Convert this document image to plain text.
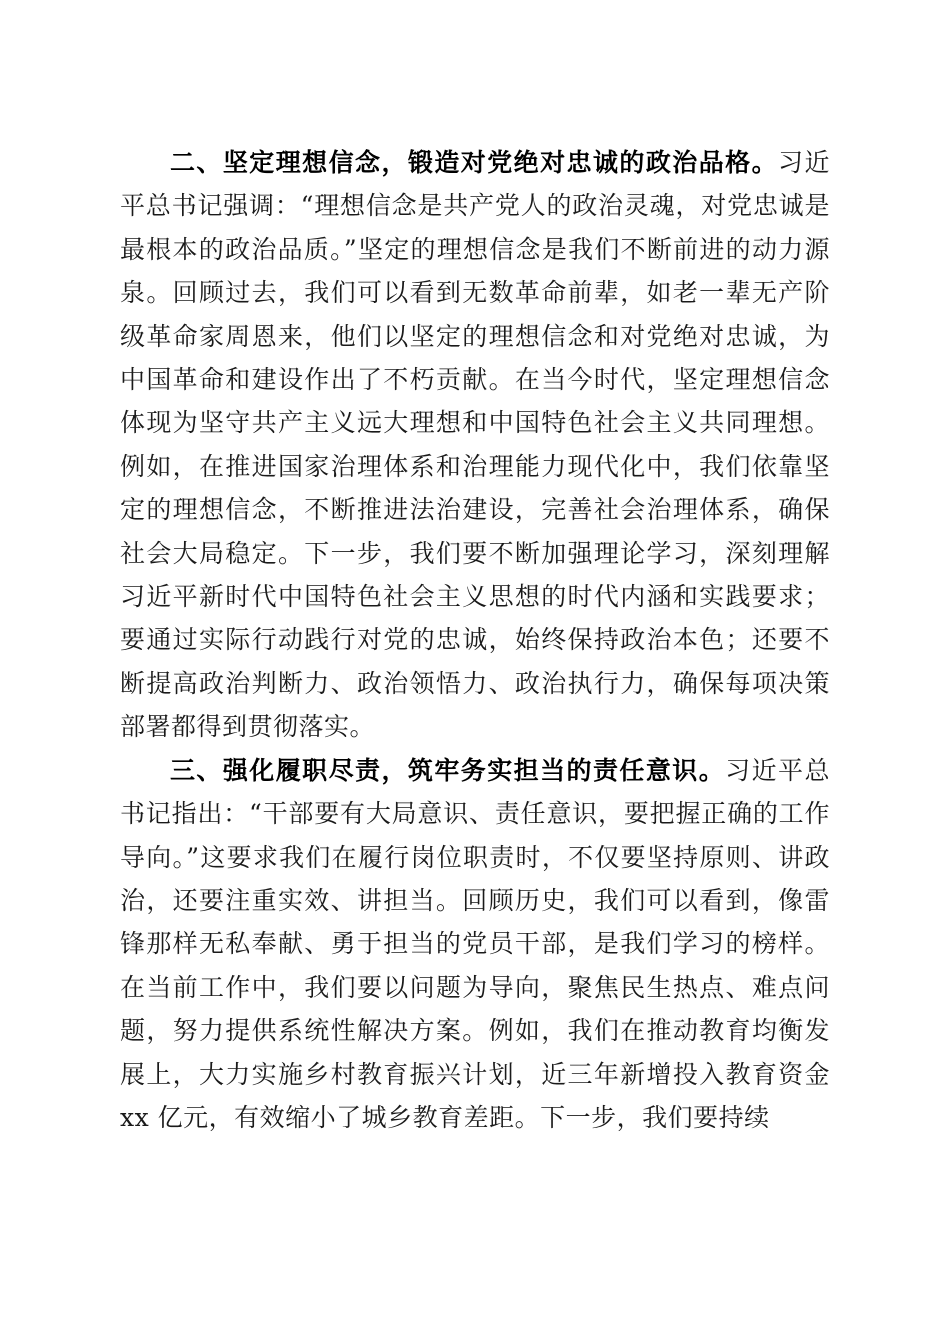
二、坚定理想信念，锻造对党绝对忠诚的政治品格。习近平总书记强调：“理想信念是共产党人的政治灵魂，对党忠诚是最根本的政治品质。”坚定的理想信念是我们不断前进的动力源泉。回顾过去，我们可以看到无数革命前辈，如老一辈无产阶级革命家周恩来，他们以坚定的理想信念和对党绝对忠诚，为中国革命和建设作出了不朽贡献。在当今时代，坚定理想信念体现为坚守共产主义远大理想和中国特色社会主义共同理想。例如，在推进国家治理体系和治理能力现代化中，我们依靠坚定的理想信念，不断推进法治建设，完善社会治理体系，确保社会大局稳定。下一步，我们要不断加强理论学习，深刻理解习近平新时代中国特色社会主义思想的时代内涵和实践要求；要通过实际行动践行对党的忠诚，始终保持政治本色；还要不断提高政治判断力、政治领悟力、政治执行力，确保每项决策部署都得到贯彻落实。

三、强化履职尽责，筑牢务实担当的责任意识。习近平总书记指出：“干部要有大局意识、责任意识，要把握正确的工作导向。”这要求我们在履行岗位职责时，不仅要坚持原则、讲政治，还要注重实效、讲担当。回顾历史，我们可以看到，像雷锋那样无私奉献、勇于担当的党员干部，是我们学习的榜样。在当前工作中，我们要以问题为导向，聚焦民生热点、难点问题，努力提供系统性解决方案。例如，我们在推动教育均衡发展上，大力实施乡村教育振兴计划，近三年新增投入教育资金 xx 亿元，有效缩小了城乡教育差距。下一步，我们要持续
